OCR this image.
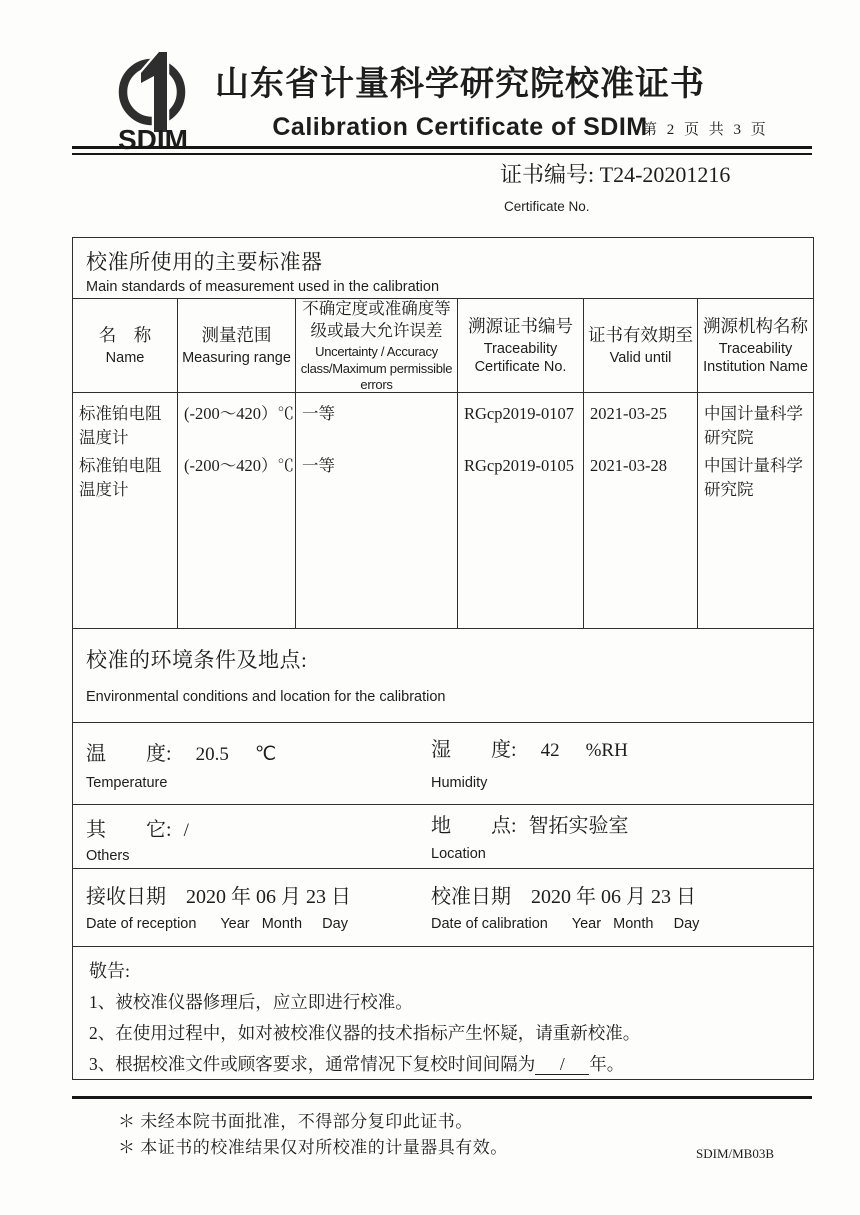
SDIM
山东省计量科学研究院校准证书
Calibration Certificate of SDIM
第 2 页 共 3 页
证书编号: T24-20201216
Certificate No.
校准所使用的主要标准器
Main standards of measurement used in the calibration
名　称
Name
测量范围
Measuring range
不确定度或准确度等级或最大允许误差
Uncertainty / Accuracy class/Maximum permissible errors
溯源证书编号
Traceability Certificate No.
证书有效期至
Valid until
溯源机构名称
Traceability Institution Name
标准铂电阻温度计
标准铂电阻温度计
(-200～420）℃
(-200～420）℃
一等
一等
RGcp2019-0107
RGcp2019-0105
2021-03-25
2021-03-28
中国计量科学研究院
中国计量科学研究院
校准的环境条件及地点:
Environmental conditions and location for the calibration
温　　度: 20.5 ℃
Temperature
湿　　度: 42 %RH
Humidity
其　　它: /
Others
地　　点: 智拓实验室
Location
接收日期 2020 年 06 月 23 日
Date of reception      Year   Month     Day
校准日期 2020 年 06 月 23 日
Date of calibration      Year   Month     Day
敬告:
1、被校准仪器修理后，应立即进行校准。
2、在使用过程中，如对被校准仪器的技术指标产生怀疑，请重新校准。
3、根据校准文件或顾客要求，通常情况下复校时间间隔为 / 年。
＊ 未经本院书面批准，不得部分复印此证书。
＊ 本证书的校准结果仅对所校准的计量器具有效。	SDIM/MB03B
